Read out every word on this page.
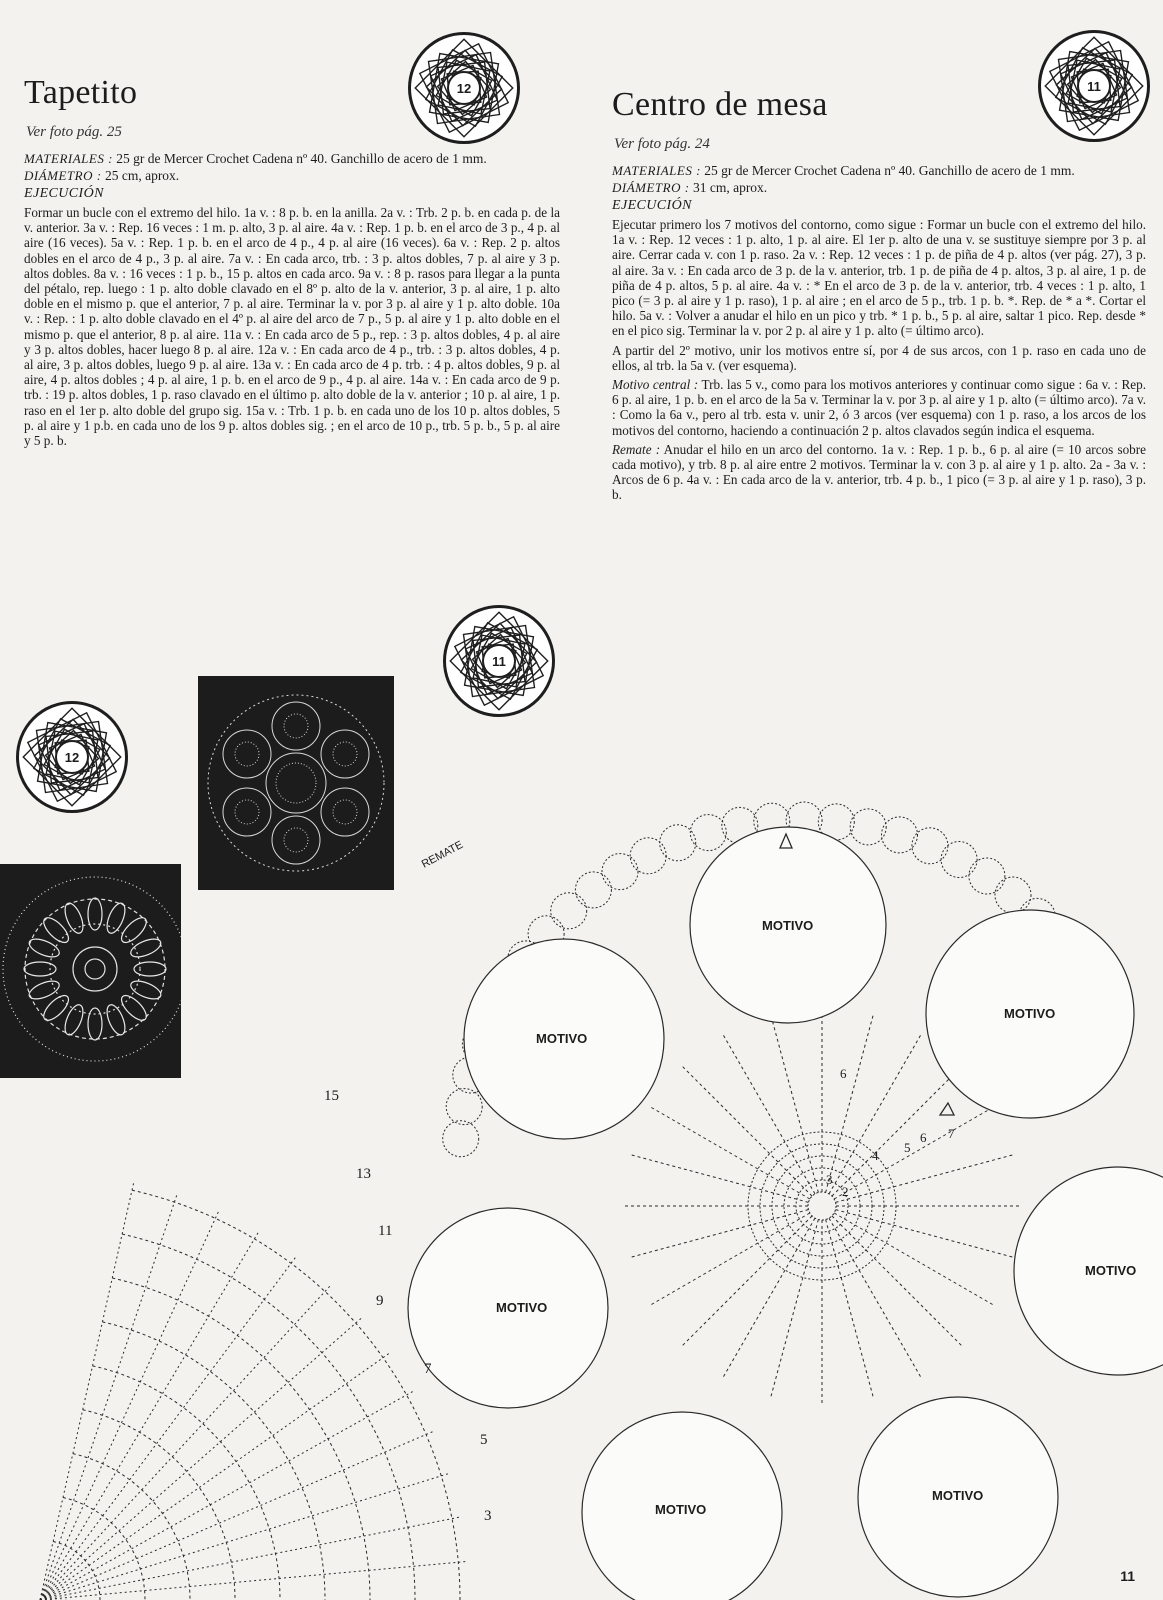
Tapetito
Ver foto pág. 25

MATERIALES : 25 gr de Mercer Crochet Cadena nº 40. Ganchillo de acero de 1 mm.

DIÁMETRO : 25 cm, aprox.

EJECUCIÓN

Formar un bucle con el extremo del hilo. 1a v. : 8 p. b. en la anilla. 2a v. : Trb. 2 p. b. en cada p. de la v. anterior. 3a v. : Rep. 16 veces : 1 m. p. alto, 3 p. al aire. 4a v. : Rep. 1 p. b. en el arco de 3 p., 4 p. al aire (16 veces). 5a v. : Rep. 1 p. b. en el arco de 4 p., 4 p. al aire (16 veces). 6a v. : Rep. 2 p. altos dobles en el arco de 4 p., 3 p. al aire. 7a v. : En cada arco, trb. : 3 p. altos dobles, 7 p. al aire y 3 p. altos dobles. 8a v. : 16 veces : 1 p. b., 15 p. altos en cada arco. 9a v. : 8 p. rasos para llegar a la punta del pétalo, rep. luego : 1 p. alto doble clavado en el 8º p. alto de la v. anterior, 3 p. al aire, 1 p. alto doble en el mismo p. que el anterior, 7 p. al aire. Terminar la v. por 3 p. al aire y 1 p. alto doble. 10a v. : Rep. : 1 p. alto doble clavado en el 4º p. al aire del arco de 7 p., 5 p. al aire y 1 p. alto doble en el mismo p. que el anterior, 8 p. al aire. 11a v. : En cada arco de 5 p., rep. : 3 p. altos dobles, 4 p. al aire y 3 p. altos dobles, hacer luego 8 p. al aire. 12a v. : En cada arco de 4 p., trb. : 3 p. altos dobles, 4 p. al aire, 3 p. altos dobles, luego 9 p. al aire. 13a v. : En cada arco de 4 p. trb. : 4 p. altos dobles, 9 p. al aire, 4 p. altos dobles ; 4 p. al aire, 1 p. b. en el arco de 9 p., 4 p. al aire. 14a v. : En cada arco de 9 p. trb. : 19 p. altos dobles, 1 p. raso clavado en el último p. alto doble de la v. anterior ; 10 p. al aire, 1 p. raso en el 1er p. alto doble del grupo sig. 15a v. : Trb. 1 p. b. en cada uno de los 10 p. altos dobles, 5 p. al aire y 1 p.b. en cada uno de los 9 p. altos dobles sig. ; en el arco de 10 p., trb. 5 p. b., 5 p. al aire y 5 p. b.

Centro de mesa
Ver foto pág. 24

MATERIALES : 25 gr de Mercer Crochet Cadena nº 40. Ganchillo de acero de 1 mm.

DIÁMETRO : 31 cm, aprox.

EJECUCIÓN

Ejecutar primero los 7 motivos del contorno, como sigue : Formar un bucle con el extremo del hilo. 1a v. : Rep. 12 veces : 1 p. alto, 1 p. al aire. El 1er p. alto de una v. se sustituye siempre por 3 p. al aire. Cerrar cada v. con 1 p. raso. 2a v. : Rep. 12 veces : 1 p. de piña de 4 p. altos (ver pág. 27), 3 p. al aire. 3a v. : En cada arco de 3 p. de la v. anterior, trb. 1 p. de piña de 4 p. altos, 3 p. al aire, 1 p. de piña de 4 p. altos, 5 p. al aire. 4a v. : * En el arco de 3 p. de la v. anterior, trb. 4 veces : 1 p. alto, 1 pico (= 3 p. al aire y 1 p. raso), 1 p. al aire ; en el arco de 5 p., trb. 1 p. b. *. Rep. de * a *. Cortar el hilo. 5a v. : Volver a anudar el hilo en un pico y trb. * 1 p. b., 5 p. al aire, saltar 1 pico. Rep. desde * en el pico sig. Terminar la v. por 2 p. al aire y 1 p. alto (= último arco).

A partir del 2º motivo, unir los motivos entre sí, por 4 de sus arcos, con 1 p. raso en cada uno de ellos, al trb. la 5a v. (ver esquema).

Motivo central : Trb. las 5 v., como para los motivos anteriores y continuar como sigue : 6a v. : Rep. 6 p. al aire, 1 p. b. en el arco de la 5a v. Terminar la v. por 3 p. al aire y 1 p. alto (= último arco). 7a v. : Como la 6a v., pero al trb. esta v. unir 2, ó 3 arcos (ver esquema) con 1 p. raso, a los arcos de los motivos del contorno, haciendo a continuación 2 p. altos clavados según indica el esquema.

Remate : Anudar el hilo en un arco del contorno. 1a v. : Rep. 1 p. b., 6 p. al aire (= 10 arcos sobre cada motivo), y trb. 8 p. al aire entre 2 motivos. Terminar la v. con 3 p. al aire y 1 p. alto. 2a - 3a v. : Arcos de 6 p. 4a v. : En cada arco de la v. anterior, trb. 4 p. b., 1 pico (= 3 p. al aire y 1 p. raso), 3 p. b.

12	11
11
12
MOTIVO
MOTIVO
MOTIVO
MOTIVO
MOTIVO
MOTIVO
MOTIVO
REMATE
4
5
6 7
6
2
3
15
13
11
9
7
5
3
11
